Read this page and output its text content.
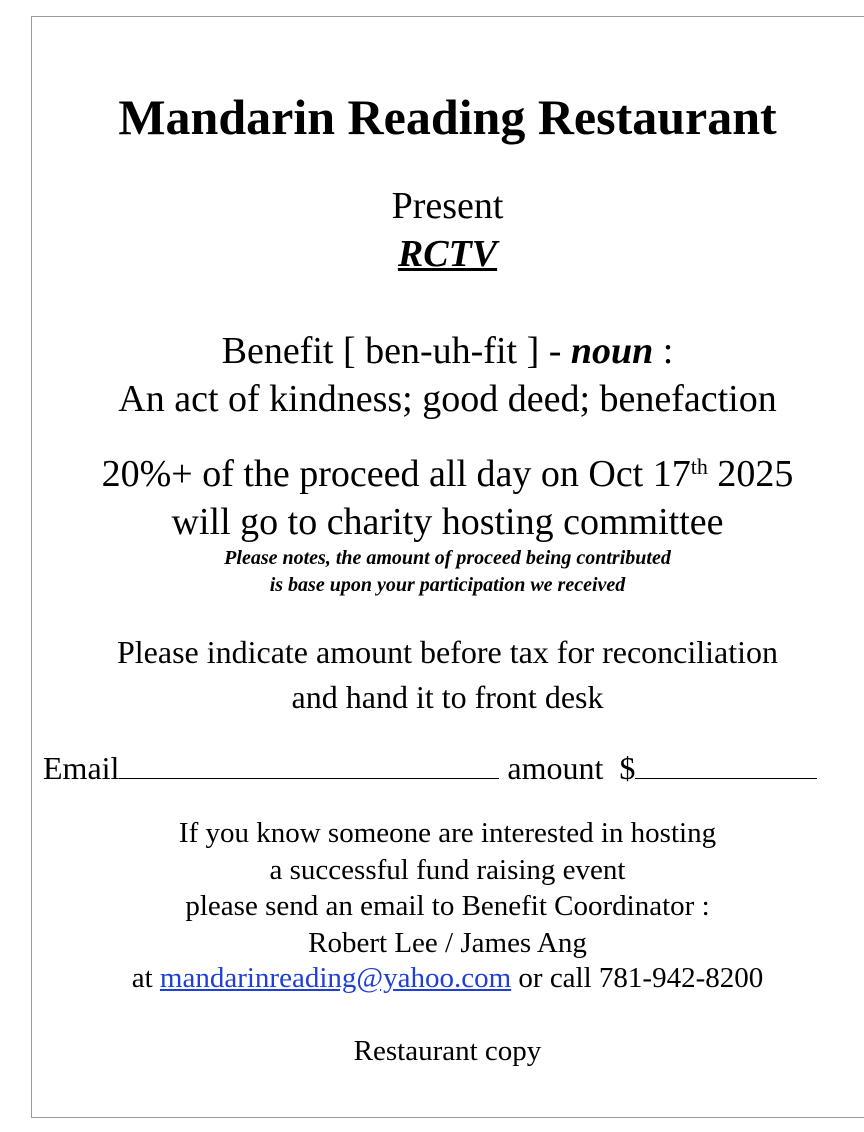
Mandarin Reading Restaurant
Present
RCTV
Benefit [ ben-uh-fit ] - noun :
An act of kindness; good deed; benefaction
20%+ of the proceed all day on Oct 17th 2025
will go to charity hosting committee
Please notes, the amount of proceed being contributed
is base upon your participation we received
Please indicate amount before tax for reconciliation
and hand it to front desk
Email	amount  $
If you know someone are interested in hosting
a successful fund raising event
please send an email to Benefit Coordinator :
Robert Lee / James Ang
at mandarinreading@yahoo.com or call 781-942-8200
Restaurant copy
